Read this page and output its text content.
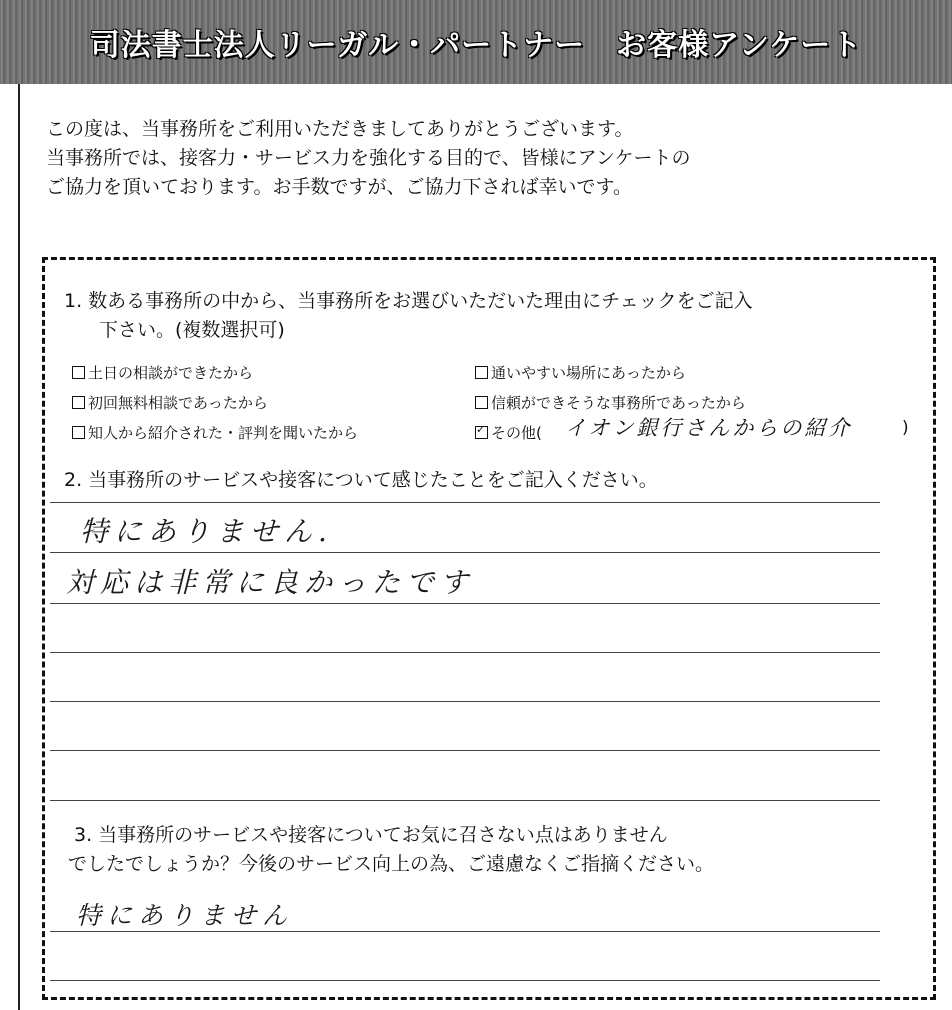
司法書士法人リーガル・パートナー　お客様アンケート
この度は、当事務所をご利用いただきましてありがとうございます。
当事務所では、接客力・サービス力を強化する目的で、皆様にアンケートの
ご協力を頂いております。お手数ですが、ご協力下されば幸いです。
1. 数ある事務所の中から、当事務所をお選びいただいた理由にチェックをご記入
下さい。(複数選択可)
土日の相談ができたから	通いやすい場所にあったから
初回無料相談であったから	信頼ができそうな事務所であったから
知人から紹介された・評判を聞いたから
✓	その他( イオン銀行さんからの紹介	)
2. 当事務所のサービスや接客について感じたことをご記入ください。
特にありません.
対応は非常に良かったです
3. 当事務所のサービスや接客についてお気に召さない点はありません
でしたでしょうか？今後のサービス向上の為、ご遠慮なくご指摘ください。
特にありません
